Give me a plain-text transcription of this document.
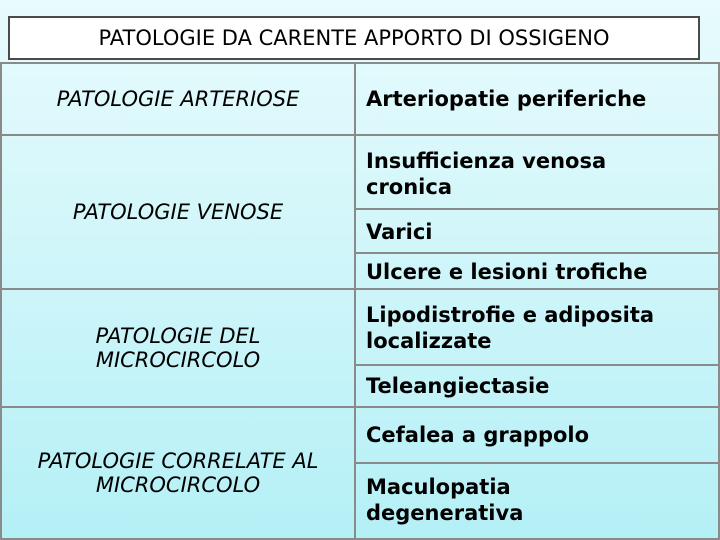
PATOLOGIE DA CARENTE APPORTO DI OSSIGENO
PATOLOGIE ARTERIOSE
PATOLOGIE VENOSE
PATOLOGIE DEL MICROCIRCOLO
PATOLOGIE CORRELATE AL MICROCIRCOLO
Arteriopatie periferiche
Insufficienza venosa cronica
Varici
Ulcere e lesioni trofiche
Lipodistrofie e adiposita localizzate
Teleangiectasie
Cefalea a grappolo
Maculopatia degenerativa
